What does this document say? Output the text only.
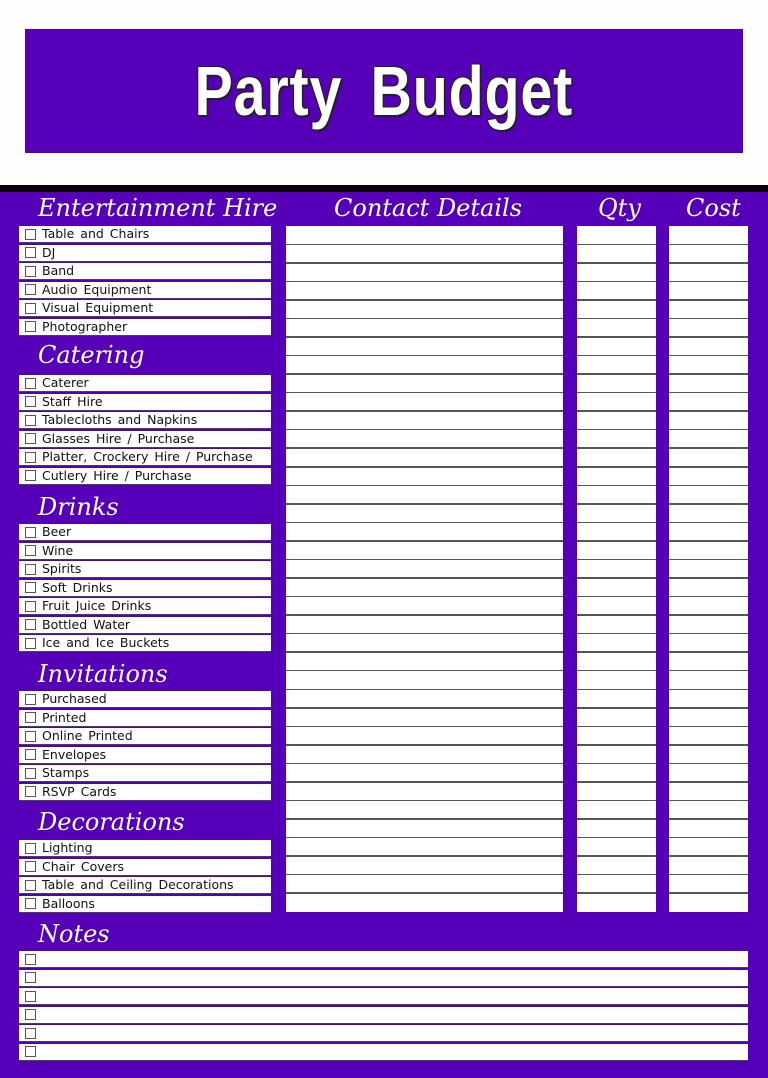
Party Budget
Entertainment Hire Contact Details	Qty Cost
Table and Chairs
DJ
Band
Audio Equipment
Visual Equipment
Photographer
Catering
Caterer
Staff Hire
Tablecloths and Napkins
Glasses Hire / Purchase
Platter, Crockery Hire / Purchase
Cutlery Hire / Purchase
Drinks
Beer
Wine
Spirits
Soft Drinks
Fruit Juice Drinks
Bottled Water
Ice and Ice Buckets
Invitations
Purchased
Printed
Online Printed
Envelopes
Stamps
RSVP Cards
Decorations
Lighting
Chair Covers
Table and Ceiling Decorations
Balloons
Notes
